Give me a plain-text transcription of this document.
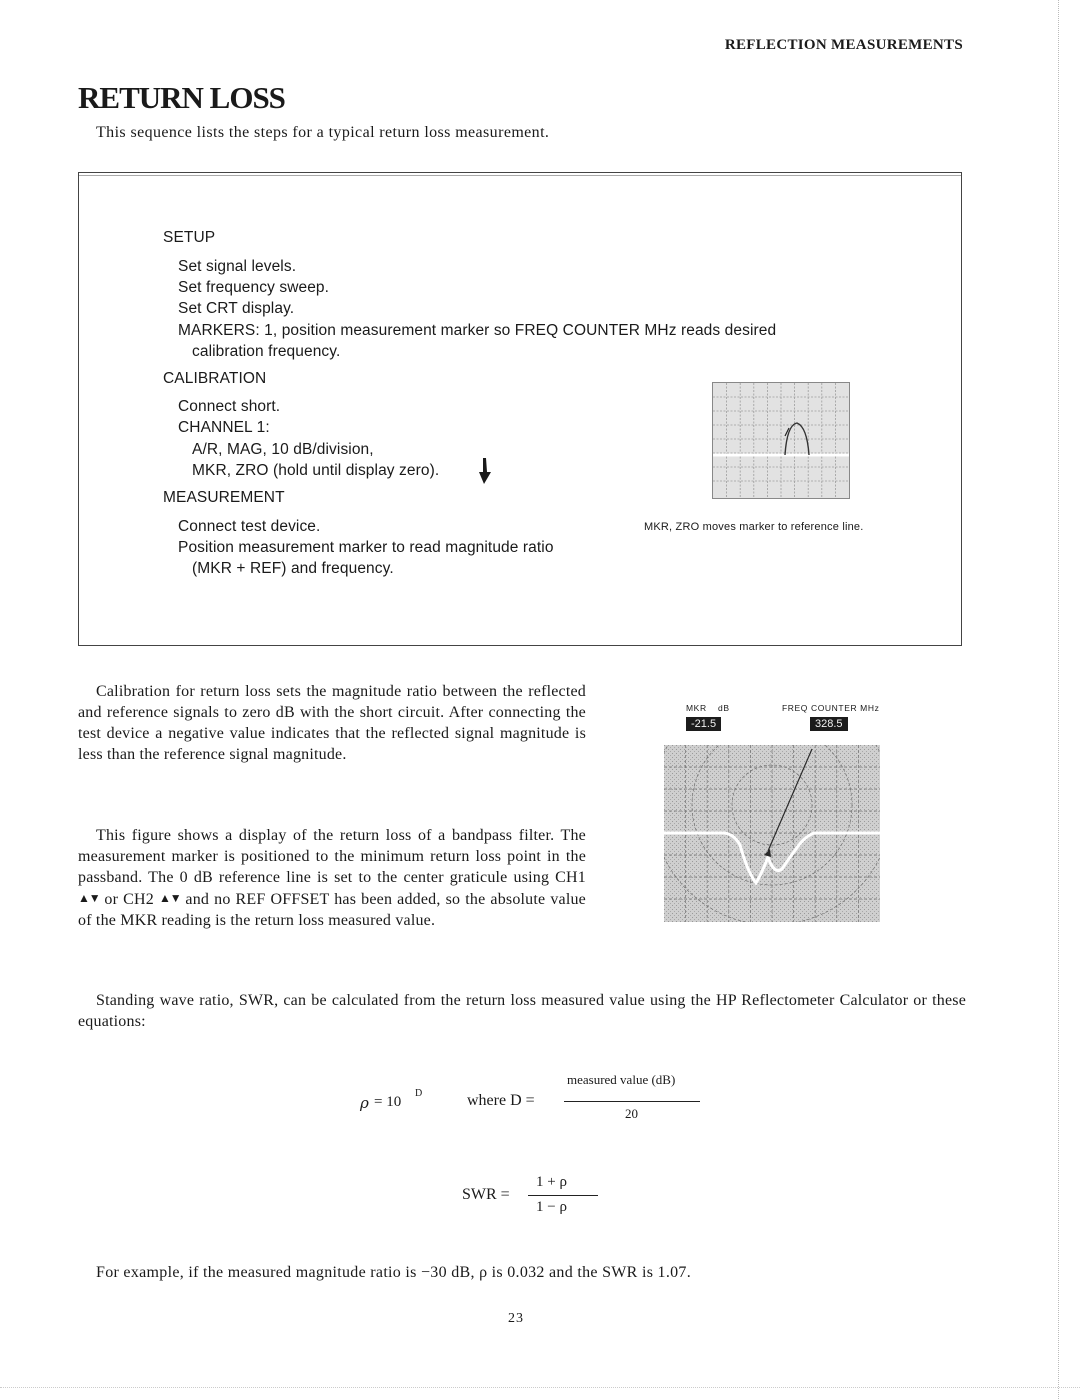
REFLECTION MEASUREMENTS
RETURN LOSS
This sequence lists the steps for a typical return loss measurement.
SETUP
Set signal levels.
Set frequency sweep.
Set CRT display.
MARKERS: 1, position measurement marker so FREQ COUNTER MHz reads desired
calibration frequency.
CALIBRATION
Connect short.
CHANNEL 1:
A/R, MAG, 10 dB/division,
MKR, ZRO (hold until display zero).
MEASUREMENT
Connect test device.
Position measurement marker to read magnitude ratio
(MKR + REF) and frequency.
MKR, ZRO moves marker to reference line.
Calibration for return loss sets the magnitude ratio between the reflected and reference signals to zero dB with the short circuit. After connecting the test device a negative value indicates that the reflected signal magnitude is less than the reference signal magnitude.
This figure shows a display of the return loss of a bandpass filter. The measurement marker is positioned to the minimum return loss point in the passband. The 0 dB reference line is set to the center graticule using CH1 ▲▼ or CH2 ▲▼ and no REF OFFSET has been added, so the absolute value of the MKR reading is the return loss measured value.
MKR dB	FREQ COUNTER MHz
-21.5	328.5
Standing wave ratio, SWR, can be calculated from the return loss measured value using the HP Reflectometer Calculator or these equations:
ρ = 10
D	where D =
measured value (dB)
20
SWR =
1 + ρ
1 − ρ
For example, if the measured magnitude ratio is −30 dB, ρ is 0.032 and the SWR is 1.07.
23
